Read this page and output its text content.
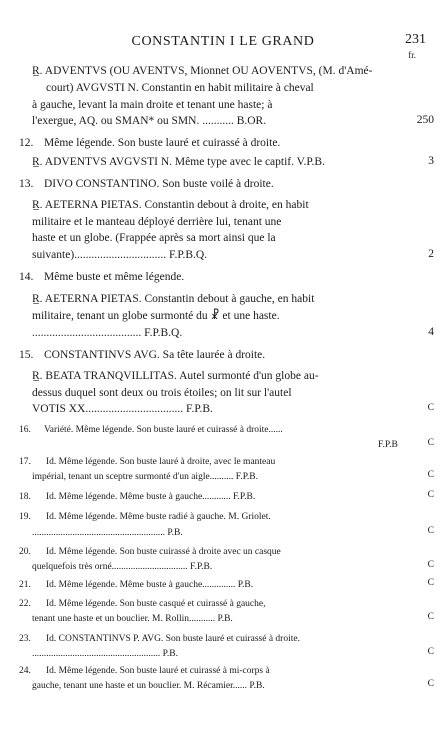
CONSTANTIN I LE GRAND	231
fr.
R̲. ADVENTVS (OU AVENTVS, Mionnet OU AOVENTVS, (M. d'Amé-
court) AVGVSTI N. Constantin en habit militaire à cheval
à gauche, levant la main droite et tenant une haste; à
l'exergue, AQ. ou SMAN* ou SMN. ........... B.OR.	250
12. Même légende. Son buste lauré et cuirassé à droite.
R̲. ADVENTVS AVGVSTI N. Même type avec le captif. V.P.B.	3
13. DIVO CONSTANTINO. Son buste voilé à droite.
R̲. AETERNA PIETAS. Constantin debout à droite, en habit
militaire et le manteau déployé derrière lui, tenant une
haste et un globe. (Frappée après sa mort ainsi que la
suivante)................................ F.P.B.Q.	2
14. Même buste et même légende.
R̲. AETERNA PIETAS. Constantin debout à gauche, en habit
militaire, tenant un globe surmonté du ☧ et une haste.
...................................... F.P.B.Q.	4
15. CONSTANTINVS AVG. Sa tête laurée à droite.
R̲. BEATA TRANQVILLITAS. Autel surmonté d'un globe au-
dessus duquel sont deux ou trois étoiles; on lit sur l'autel
VOTIS XX.................................. F.P.B.	C
16. Variété. Même légende. Son buste lauré et cuirassé à droite......
F.P.B	C
17. Id. Même légende. Son buste lauré à droite, avec le manteau
impérial, tenant un sceptre surmonté d'un aigle.......... F.P.B.	C
18. Id. Même légende. Même buste à gauche............ F.P.B.	C
19. Id. Même légende. Même buste radié à gauche. M. Griolet.
........................................................ P.B.	C
20. Id. Même légende. Son buste cuirassé à droite avec un casque
quelquefois très orné................................ F.P.B.	C
21. Id. Même légende. Même buste à gauche.............. P.B.	C
22. Id. Même légende. Son buste casqué et cuirassé à gauche,
tenant une haste et un bouclier. M. Rollin........... P.B.	C
23. Id. CONSTANTINVS P. AVG. Son buste lauré et cuirassé à droite.
...................................................... P.B.	C
24. Id. Même légende. Son buste lauré et cuirassé à mi-corps à
gauche, tenant une haste et un bouclier. M. Récamier...... P.B.	C
